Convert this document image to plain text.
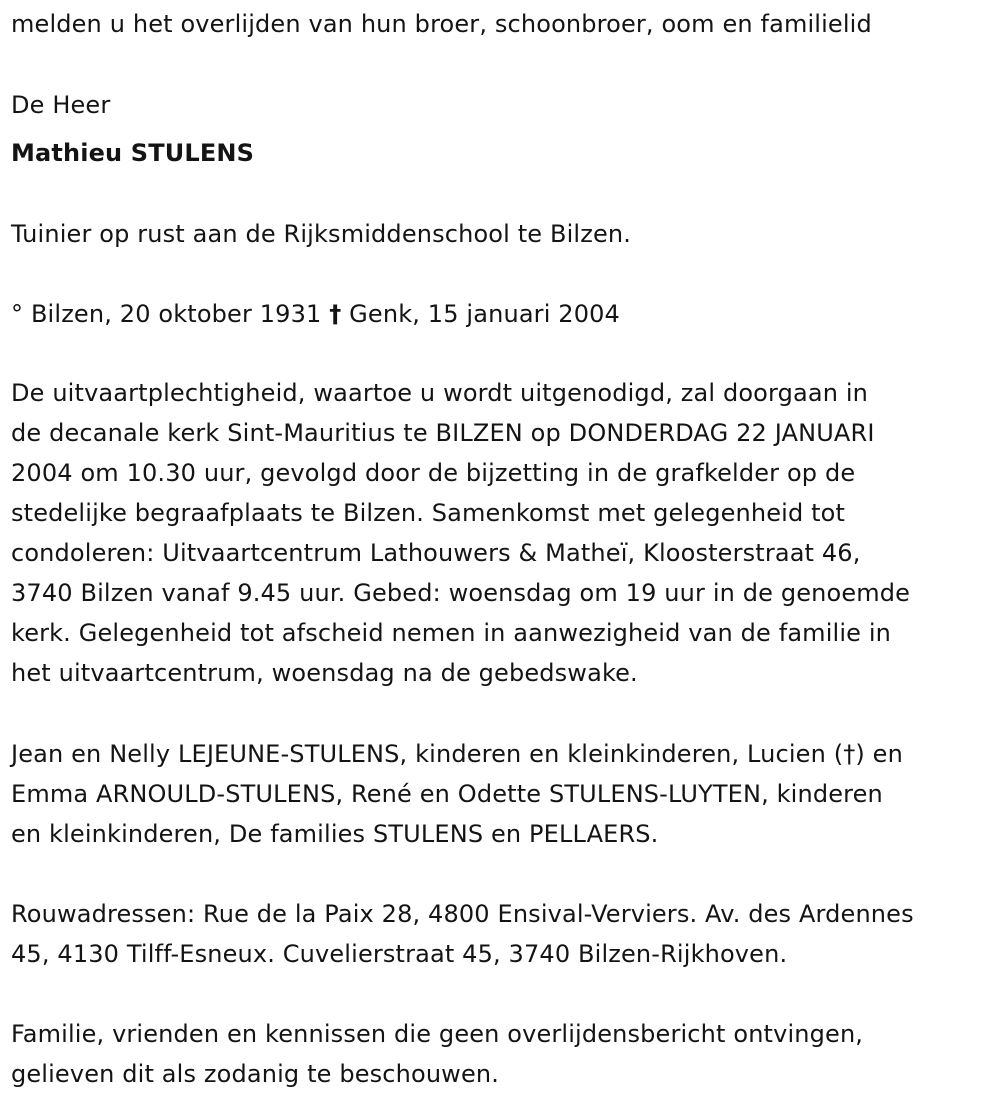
melden u het overlijden van hun broer, schoonbroer, oom en familielid
De Heer
Mathieu STULENS
Tuinier op rust aan de Rijksmiddenschool te Bilzen.
° Bilzen, 20 oktober 1931 † Genk, 15 januari 2004
De uitvaartplechtigheid, waartoe u wordt uitgenodigd, zal doorgaan in
de decanale kerk Sint-Mauritius te BILZEN op DONDERDAG 22 JANUARI
2004 om 10.30 uur, gevolgd door de bijzetting in de grafkelder op de
stedelijke begraafplaats te Bilzen. Samenkomst met gelegenheid tot
condoleren: Uitvaartcentrum Lathouwers & Matheï, Kloosterstraat 46,
3740 Bilzen vanaf 9.45 uur. Gebed: woensdag om 19 uur in de genoemde
kerk. Gelegenheid tot afscheid nemen in aanwezigheid van de familie in
het uitvaartcentrum, woensdag na de gebedswake.
Jean en Nelly LEJEUNE-STULENS, kinderen en kleinkinderen, Lucien (†) en
Emma ARNOULD-STULENS, René en Odette STULENS-LUYTEN, kinderen
en kleinkinderen, De families STULENS en PELLAERS.
Rouwadressen: Rue de la Paix 28, 4800 Ensival-Verviers. Av. des Ardennes
45, 4130 Tilff-Esneux. Cuvelierstraat 45, 3740 Bilzen-Rijkhoven.
Familie, vrienden en kennissen die geen overlijdensbericht ontvingen,
gelieven dit als zodanig te beschouwen.
